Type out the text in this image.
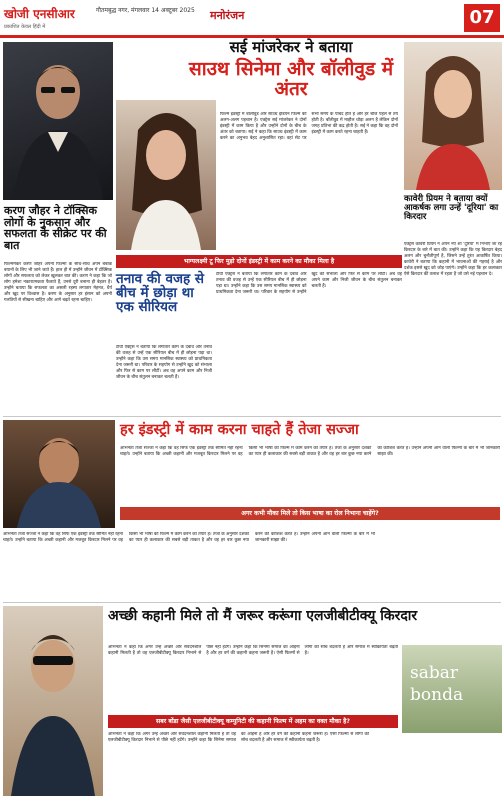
खोजी एनसीआर	गौतमबुद्ध नगर, मंगलवार 14 अक्टूबर 2025
प्रकाशित केवल हिंदी में
मनोरंजन	07
करण जौहर ने टॉक्सिक लोगों के नुकसान और सफलता के सीक्रेट पर की बात
फिल्ममेकर करण जौहर अपनी फिल्मों के साथ-साथ अपने बेबाक बयानों के लिए भी जाने जाते हैं। हाल ही में उन्होंने जीवन में टॉक्सिक लोगों और सफलता को लेकर खुलकर बात की। करण ने कहा कि जो लोग हमेशा नकारात्मकता फैलाते हैं, उनसे दूरी बनाना ही बेहतर है। उन्होंने बताया कि सफलता का असली रहस्य लगातार मेहनत, धैर्य और खुद पर विश्वास है। करण के अनुसार हर इंसान को अपनी गलतियों से सीखना चाहिए और आगे बढ़ते रहना चाहिए।
सई मांजरेकर ने बताया
साउथ सिनेमा और बॉलीवुड में अंतर
फिल्म इंडस्ट्री में बॉलीवुड और साउथ इंडियन फिल्म की अलग-अलग पहचान है। एक्ट्रेस सई मांजरेकर ने दोनों इंडस्ट्री में काम किया है और उन्होंने दोनों के बीच के अंतर को बताया। सई ने कहा कि साउथ इंडस्ट्री में काम करने का अनुभव बेहद अनुशासित रहा। वहां सेट पर सभी समय के पाबंद होते हैं और हर चीज पहले से तय होती है। बॉलीवुड में माहौल थोड़ा अलग है लेकिन दोनों जगह प्रतिभा की कद्र होती है। सई ने कहा कि वह दोनों इंडस्ट्री में काम करते रहना चाहती हैं।
कावेरी प्रियम ने बताया क्यों आकर्षक लगा उन्हें 'दूरिया' का किरदार
एक्ट्रेस कावेरी प्रियम ने अपने नए शो 'दूरिया' में निभाए जा रहे किरदार के बारे में बात की। उन्होंने कहा कि यह किरदार बेहद अलग और चुनौतीपूर्ण है, जिसने उन्हें तुरंत आकर्षित किया। कावेरी ने बताया कि कहानी में भावनाओं की गहराई है और दर्शक इससे खुद को जोड़ पाएंगे। उन्होंने कहा कि हर कलाकार ऐसे किरदार की तलाश में रहता है जो उसे नई पहचान दे।
भाग्यलक्ष्मी टू फिर मुड़ो दोनों इंडस्ट्री में काम करने का मौका मिला है
तनाव की वजह से बीच में छोड़ा था एक सीरियल
टीवी एक्ट्रेस ने बताया कि लगातार काम के दबाव और तनाव की वजह से उन्हें एक सीरियल बीच में ही छोड़ना पड़ा था। उन्होंने कहा कि उस समय मानसिक स्वास्थ्य को प्राथमिकता देना जरूरी था। परिवार के सहयोग से उन्होंने खुद को संभाला और फिर से काम पर लौटीं। अब वह अपने काम और निजी जीवन के बीच संतुलन बनाकर चलती हैं।
टीवी एक्ट्रेस ने बताया कि लगातार काम के दबाव और तनाव की वजह से उन्हें एक सीरियल बीच में ही छोड़ना पड़ा था। उन्होंने कहा कि उस समय मानसिक स्वास्थ्य को प्राथमिकता देना जरूरी था। परिवार के सहयोग से उन्होंने खुद को संभाला और फिर से काम पर लौटीं। अब वह अपने काम और निजी जीवन के बीच संतुलन बनाकर चलती हैं।
हर इंडस्ट्री में काम करना चाहते हैं तेजा सज्जा
अभिनेता तेजा सज्जा ने कहा कि वह सिर्फ एक इंडस्ट्री तक सीमित नहीं रहना चाहते। उन्होंने बताया कि अच्छी कहानी और मजबूत किरदार मिलने पर वह किसी भी भाषा की फिल्म में काम करने को तैयार हैं। तेजा के अनुसार दर्शकों का प्यार ही कलाकार की सबसे बड़ी ताकत है और वह हर बार कुछ नया करने की कोशिश करते हैं। उन्होंने अपनी आने वाली फिल्मों के बारे में भी जानकारी साझा की।
अगर कभी मौका मिले तो किस भाषा का रोल निभाना चाहेंगे?
अभिनेता तेजा सज्जा ने कहा कि वह सिर्फ एक इंडस्ट्री तक सीमित नहीं रहना चाहते। उन्होंने बताया कि अच्छी कहानी और मजबूत किरदार मिलने पर वह किसी भी भाषा की फिल्म में काम करने को तैयार हैं। तेजा के अनुसार दर्शकों का प्यार ही कलाकार की सबसे बड़ी ताकत है और वह हर बार कुछ नया करने की कोशिश करते हैं। उन्होंने अपनी आने वाली फिल्मों के बारे में भी जानकारी साझा की।
अच्छी कहानी मिले तो मैं जरूर करूंगा एलजीबीटीक्यू किरदार
अभिनेता ने कहा कि अगर उन्हें अच्छी और संवेदनशील कहानी मिलती है तो वह एलजीबीटीक्यू किरदार निभाने से पीछे नहीं हटेंगे। उन्होंने कहा कि सिनेमा समाज का आईना है और हर वर्ग की कहानी कहना जरूरी है। ऐसी फिल्मों से लोगों की सोच बदलती है और समाज में स्वीकार्यता बढ़ती है।
sabar
bonda
सबर बोंडा जैसी एलजीबीटीक्यू कम्युनिटी की कहानी फिल्म में अहम का वक्त मौका है?
अभिनेता ने कहा कि अगर उन्हें अच्छी और संवेदनशील कहानी मिलती है तो वह एलजीबीटीक्यू किरदार निभाने से पीछे नहीं हटेंगे। उन्होंने कहा कि सिनेमा समाज का आईना है और हर वर्ग की कहानी कहना जरूरी है। ऐसी फिल्मों से लोगों की सोच बदलती है और समाज में स्वीकार्यता बढ़ती है।
